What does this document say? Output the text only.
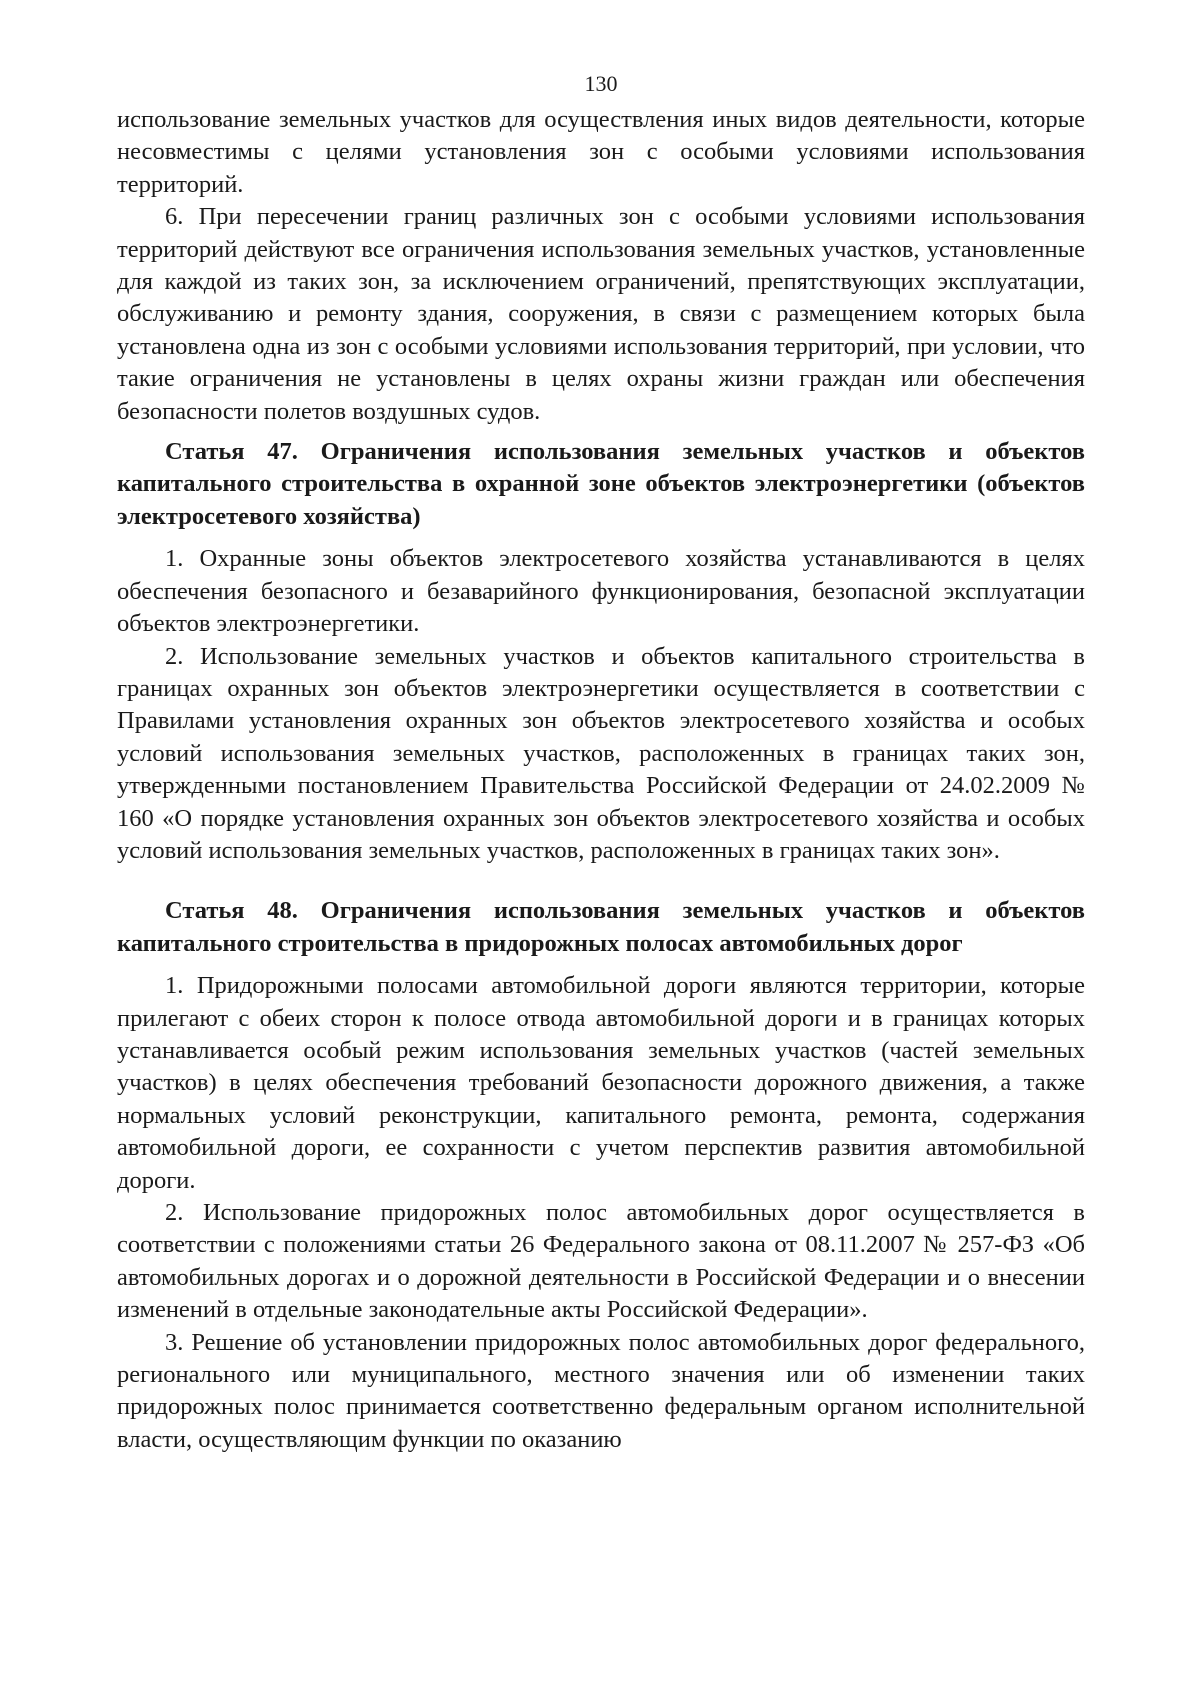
130

использование земельных участков для осуществления иных видов деятельности, которые несовместимы с целями установления зон с особыми условиями использования территорий.

6. При пересечении границ различных зон с особыми условиями использования территорий действуют все ограничения использования земельных участков, установленные для каждой из таких зон, за исключением ограничений, препятствующих эксплуатации, обслуживанию и ремонту здания, сооружения, в связи с размещением которых была установлена одна из зон с особыми условиями использования территорий, при условии, что такие ограничения не установлены в целях охраны жизни граждан или обеспечения безопасности полетов воздушных судов.

Статья 47. Ограничения использования земельных участков и объектов капитального строительства в охранной зоне объектов электроэнергетики (объектов электросетевого хозяйства)

1. Охранные зоны объектов электросетевого хозяйства устанавливаются в целях обеспечения безопасного и безаварийного функционирования, безопасной эксплуатации объектов электроэнергетики.

2. Использование земельных участков и объектов капитального строительства в границах охранных зон объектов электроэнергетики осуществляется в соответствии с Правилами установления охранных зон объектов электросетевого хозяйства и особых условий использования земельных участков, расположенных в границах таких зон, утвержденными постановлением Правительства Российской Федерации от 24.02.2009 № 160 «О порядке установления охранных зон объектов электросетевого хозяйства и особых условий использования земельных участков, расположенных в границах таких зон».

Статья 48. Ограничения использования земельных участков и объектов капитального строительства в придорожных полосах автомобильных дорог

1. Придорожными полосами автомобильной дороги являются территории, которые прилегают с обеих сторон к полосе отвода автомобильной дороги и в границах которых устанавливается особый режим использования земельных участков (частей земельных участков) в целях обеспечения требований безопасности дорожного движения, а также нормальных условий реконструкции, капитального ремонта, ремонта, содержания автомобильной дороги, ее сохранности с учетом перспектив развития автомобильной дороги.

2. Использование придорожных полос автомобильных дорог осуществляется в соответствии с положениями статьи 26 Федерального закона от 08.11.2007 № 257-ФЗ «Об автомобильных дорогах и о дорожной деятельности в Российской Федерации и о внесении изменений в отдельные законодательные акты Российской Федерации».

3. Решение об установлении придорожных полос автомобильных дорог федерального, регионального или муниципального, местного значения или об изменении таких придорожных полос принимается соответственно федеральным органом исполнительной власти, осуществляющим функции по оказанию
